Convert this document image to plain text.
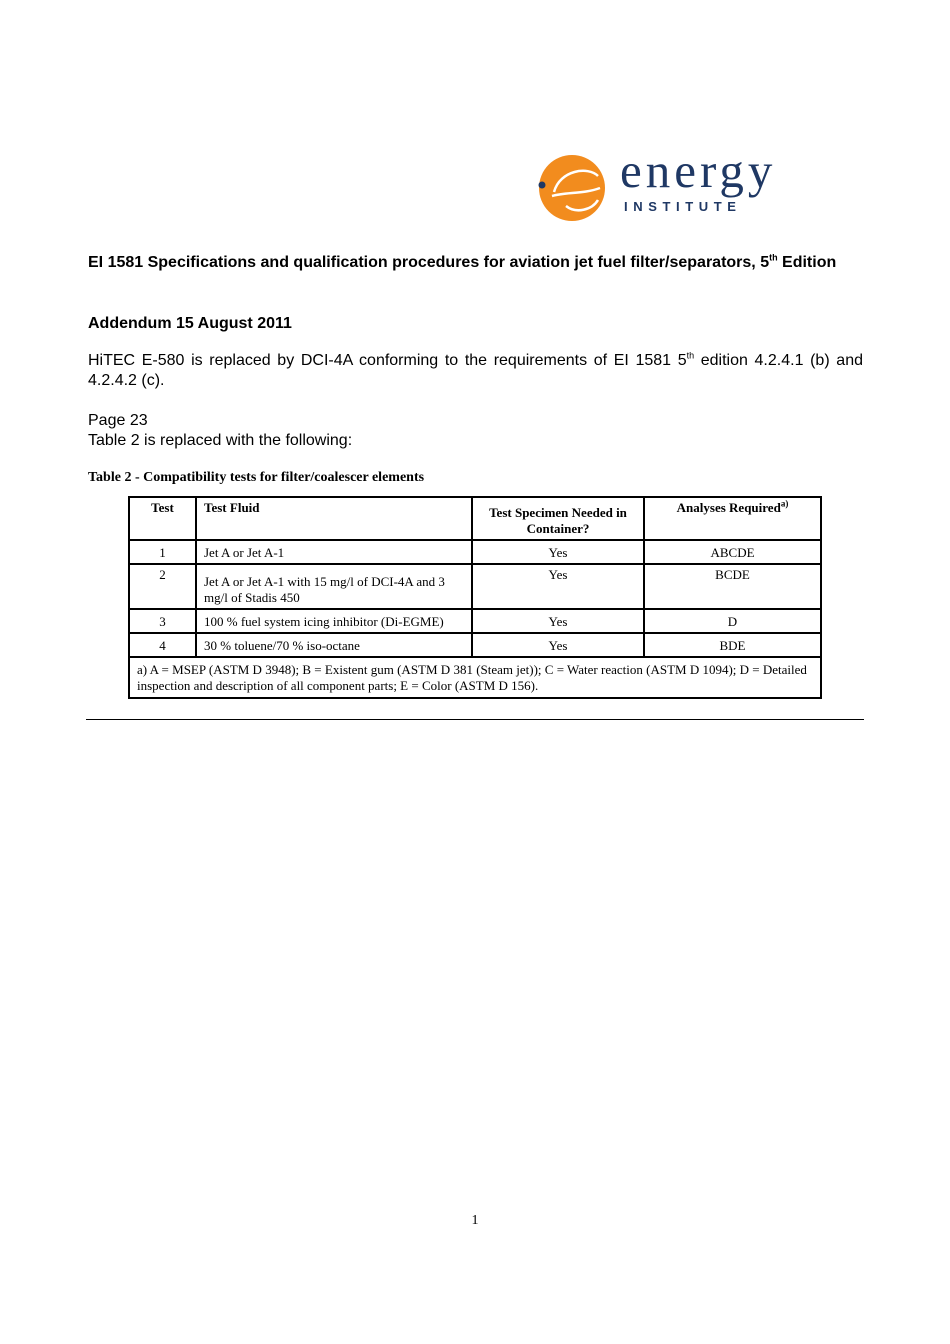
energy
INSTITUTE
EI 1581 Specifications and qualification procedures for aviation jet fuel filter/separators, 5th Edition
Addendum 15 August 2011
HiTEC E-580 is replaced by DCI-4A conforming to the requirements of EI 1581 5th edition 4.2.4.1 (b) and 4.2.4.2 (c).
Page 23
Table 2 is replaced with the following:
Table 2 - Compatibility tests for filter/coalescer elements
Test	Test Fluid	Test Specimen Needed in Container?	Analyses Required$^{a)}$
1	Jet A or Jet A-1	Yes	ABCDE
2	Jet A or Jet A-1 with 15 mg/l of DCI-4A and 3 mg/l of Stadis 450	Yes	BCDE
3	100 % fuel system icing inhibitor (Di-EGME)	Yes	D
4	30 % toluene/70 % iso-octane	Yes	BDE
a) A = MSEP (ASTM D 3948); B = Existent gum (ASTM D 381 (Steam jet)); C = Water reaction (ASTM D 1094); D = Detailed inspection and description of all component parts; E = Color (ASTM D 156).			
1
